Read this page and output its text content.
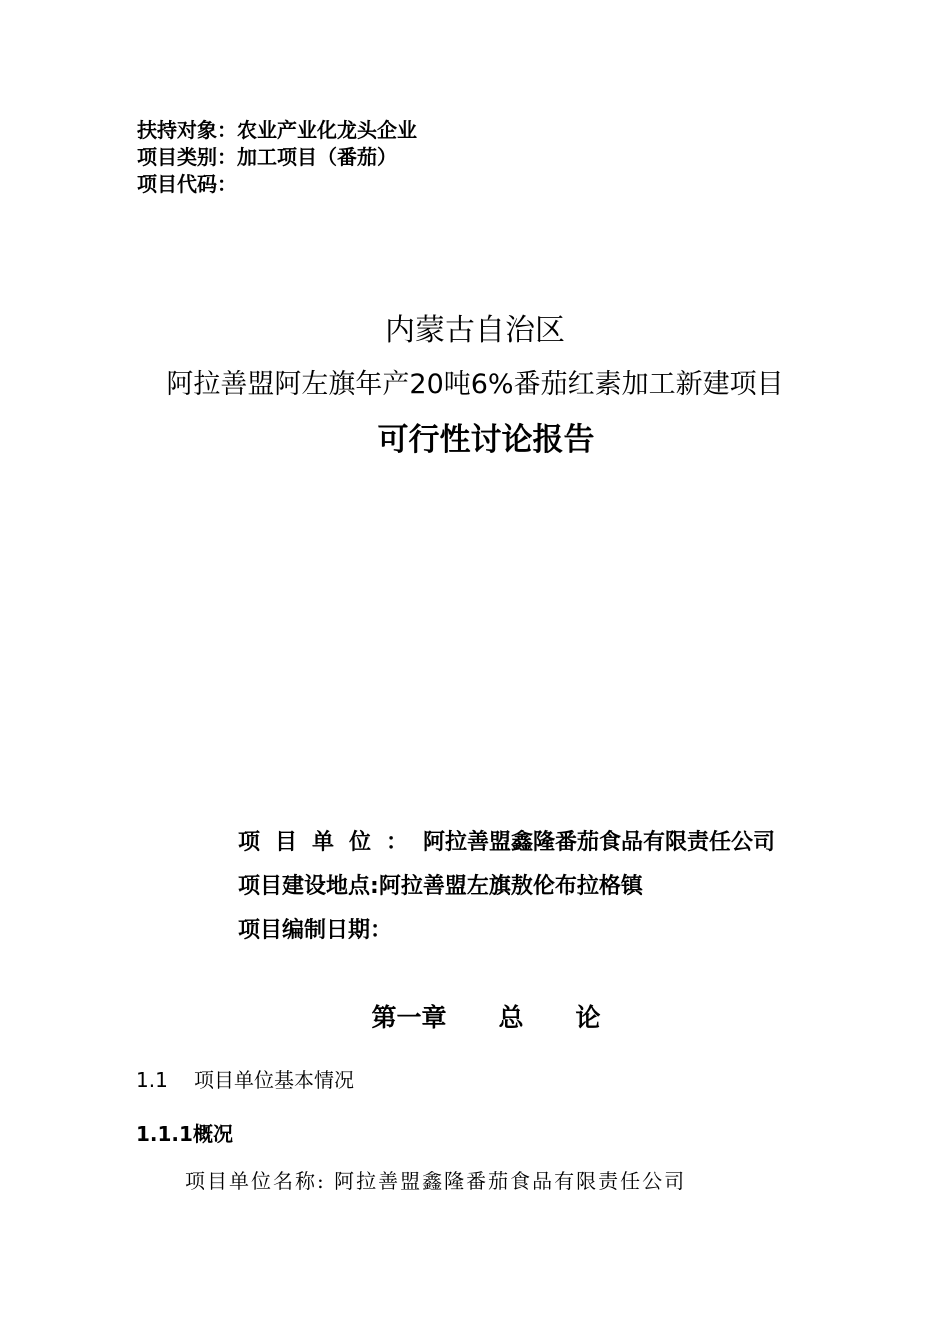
扶持对象：农业产业化龙头企业
项目类别：加工项目（番茄）
项目代码：
内蒙古自治区
阿拉善盟阿左旗年产20吨6%番茄红素加工新建项目
可行性讨论报告
项目单位：阿拉善盟鑫隆番茄食品有限责任公司
项目建设地点:阿拉善盟左旗敖伦布拉格镇
项目编制日期：
第一章 总 论
1.1 项目单位基本情况
1.1.1概况
项目单位名称: 阿拉善盟鑫隆番茄食品有限责任公司
